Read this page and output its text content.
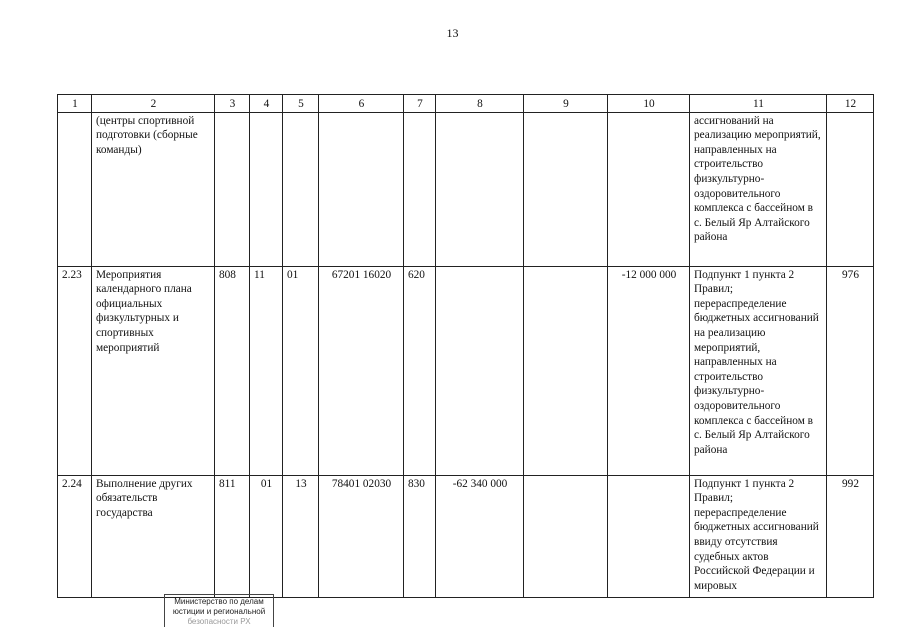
13
1	2	3	4	5	6	7	8	9	10	11	12
	(центры спортивной подготовки (сборные команды)									ассигнований на реализацию мероприятий, направленных на строительство физкультурно-оздоровительного комплекса с бассейном в с. Белый Яр Алтайского района	
2.23	Мероприятия календарного плана официальных физкультурных и спортивных мероприятий	808	11	01	67201 16020	620			-12 000 000	Подпункт 1 пункта 2 Правил; перераспределение бюджетных ассигнований на реализацию мероприятий, направленных на строительство физкультурно-оздоровительного комплекса с бассейном в с. Белый Яр Алтайского района	976
2.24	Выполнение других обязательств государства	811	01	13	78401 02030	830	-62 340 000			Подпункт 1 пункта 2 Правил; перераспределение бюджетных ассигнований ввиду отсутствия судебных актов Российской Федерации и мировых	992
Министерство по делам
юстиции и региональной
безопасности РХ
